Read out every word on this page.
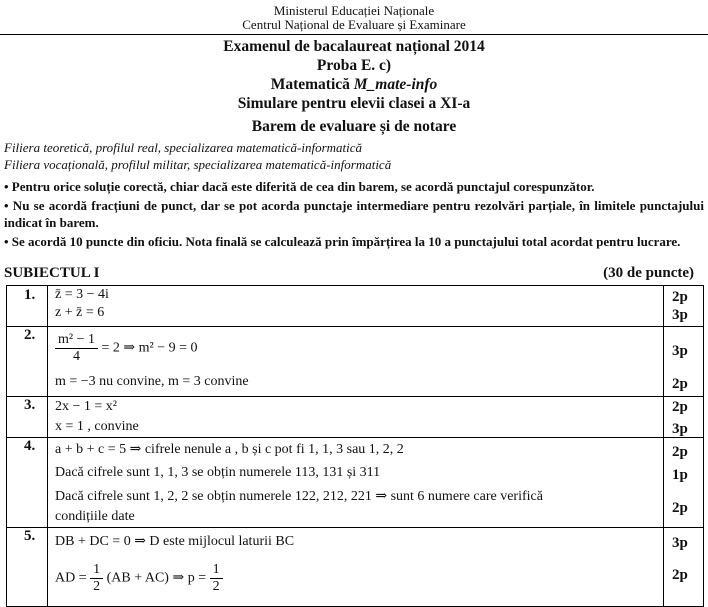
Ministerul Educației Naționale
Centrul Național de Evaluare și Examinare
Examenul de bacalaureat național 2014
Proba E. c)
Matematică M_mate-info
Simulare pentru elevii clasei a XI-a
Barem de evaluare și de notare
Filiera teoretică, profilul real, specializarea matematică-informatică
Filiera vocațională, profilul militar, specializarea matematică-informatică
• Pentru orice soluție corectă, chiar dacă este diferită de cea din barem, se acordă punctajul corespunzător.
• Nu se acordă fracțiuni de punct, dar se pot acorda punctaje intermediare pentru rezolvări parțiale, în limitele punctajului indicat în barem.
• Se acordă 10 puncte din oficiu. Nota finală se calculează prin împărțirea la 10 a punctajului total acordat pentru lucrare.
SUBIECTUL I	(30 de puncte)
1. z̄ = 3 − 4i
z + z̄ = 6
2p
3p
2. $\frac{\text{m² − 1}}{4} = 2$ ⇒ m² − 9 = 0
m = −3 nu convine, m = 3 convine
3p
2p
3. 2x − 1 = x²
x = 1 , convine
2p
3p
4. a + b + c = 5 ⇒ cifrele nenule a , b și c pot fi 1, 1, 3 sau 1, 2, 2
Dacă cifrele sunt 1, 1, 3 se obțin numerele 113, 131 și 311
Dacă cifrele sunt 1, 2, 2 se obțin numerele 122, 212, 221 ⇒ sunt 6 numere care verifică
condițiile date
2p
1p
2p
5. DB + DC = 0 ⇒ D este mijlocul laturii BC
AD = $\frac{1}{2} (AB + AC)$ ⇒ $p = \frac{1}{2}$
3p
2p
